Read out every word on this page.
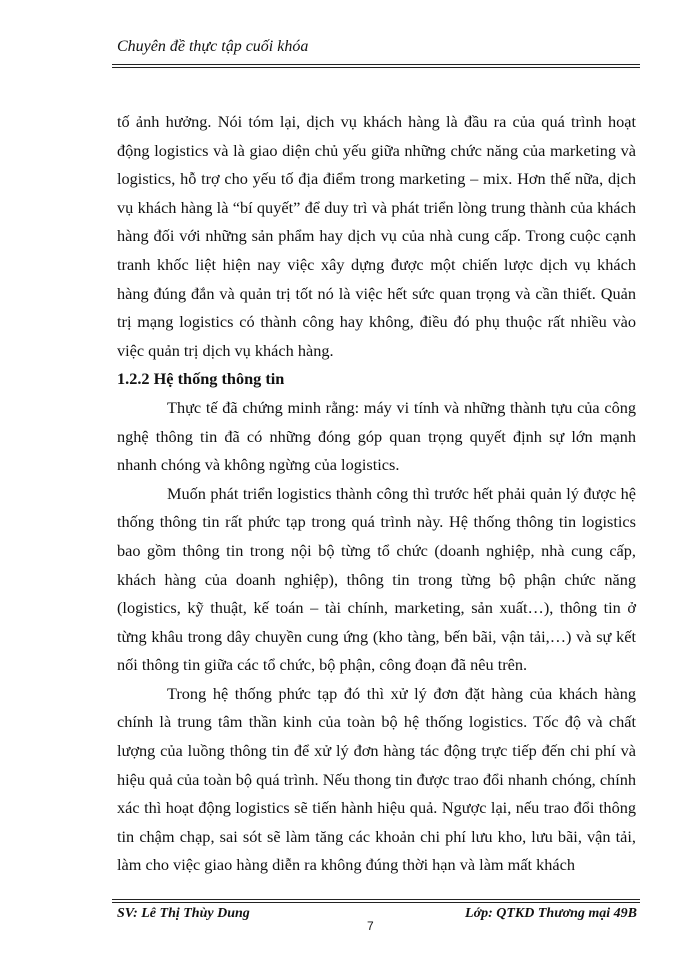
Chuyên đề thực tập cuối khóa

tố ảnh hưởng. Nói tóm lại, dịch vụ khách hàng là đầu ra của quá trình hoạt động logistics và là giao diện chủ yếu giữa những chức năng của marketing và logistics, hỗ trợ cho yếu tố địa điểm trong marketing – mix. Hơn thế nữa, dịch vụ khách hàng là “bí quyết” để duy trì và phát triển lòng trung thành của khách hàng đối với những sản phẩm hay dịch vụ của nhà cung cấp. Trong cuộc cạnh tranh khốc liệt hiện nay việc xây dựng được một chiến lược dịch vụ khách hàng đúng đắn và quản trị tốt nó là việc hết sức quan trọng và cần thiết. Quản trị mạng logistics có thành công hay không, điều đó phụ thuộc rất nhiều vào việc quản trị dịch vụ khách hàng.

1.2.2 Hệ thống thông tin

Thực tế đã chứng minh rằng: máy vi tính và những thành tựu của công nghệ thông tin đã có những đóng góp quan trọng quyết định sự lớn mạnh nhanh chóng và không ngừng của logistics.

Muốn phát triển logistics thành công thì trước hết phải quản lý được hệ thống thông tin rất phức tạp trong quá trình này. Hệ thống thông tin logistics bao gồm thông tin trong nội bộ từng tổ chức (doanh nghiệp, nhà cung cấp, khách hàng của doanh nghiệp), thông tin trong từng bộ phận chức năng (logistics, kỹ thuật, kế toán – tài chính, marketing, sản xuất…), thông tin ở từng khâu trong dây chuyền cung ứng (kho tàng, bến bãi, vận tải,…) và sự kết nối thông tin giữa các tổ chức, bộ phận, công đoạn đã nêu trên.

Trong hệ thống phức tạp đó thì xử lý đơn đặt hàng của khách hàng chính là trung tâm thần kinh của toàn bộ hệ thống logistics. Tốc độ và chất lượng của luồng thông tin để xử lý đơn hàng tác động trực tiếp đến chi phí và hiệu quả của toàn bộ quá trình. Nếu thong tin được trao đổi nhanh chóng, chính xác thì hoạt động logistics sẽ tiến hành hiệu quả. Ngược lại, nếu trao đổi thông tin chậm chạp, sai sót sẽ làm tăng các khoản chi phí lưu kho, lưu bãi, vận tải, làm cho việc giao hàng diễn ra không đúng thời hạn và làm mất khách

SV: Lê Thị Thùy Dung
7
Lớp: QTKD Thương mại 49B
